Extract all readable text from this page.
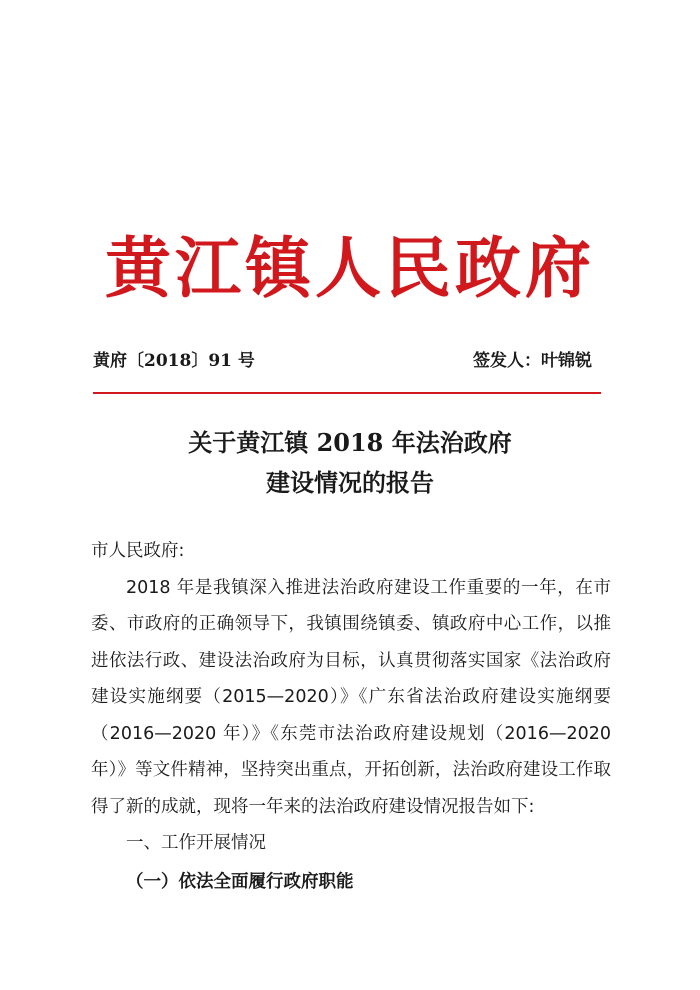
黄江镇人民政府
黄府〔2018〕91 号	签发人：叶锦锐
关于黄江镇 2018 年法治政府
建设情况的报告

市人民政府:

2018 年是我镇深入推进法治政府建设工作重要的一年，在市委、市政府的正确领导下，我镇围绕镇委、镇政府中心工作，以推进依法行政、建设法治政府为目标，认真贯彻落实国家《法治政府建设实施纲要（2015—2020）》《广东省法治政府建设实施纲要（2016—2020 年）》《东莞市法治政府建设规划（2016—2020 年）》等文件精神，坚持突出重点，开拓创新，法治政府建设工作取得了新的成就，现将一年来的法治政府建设情况报告如下:

一、工作开展情况

（一）依法全面履行政府职能
